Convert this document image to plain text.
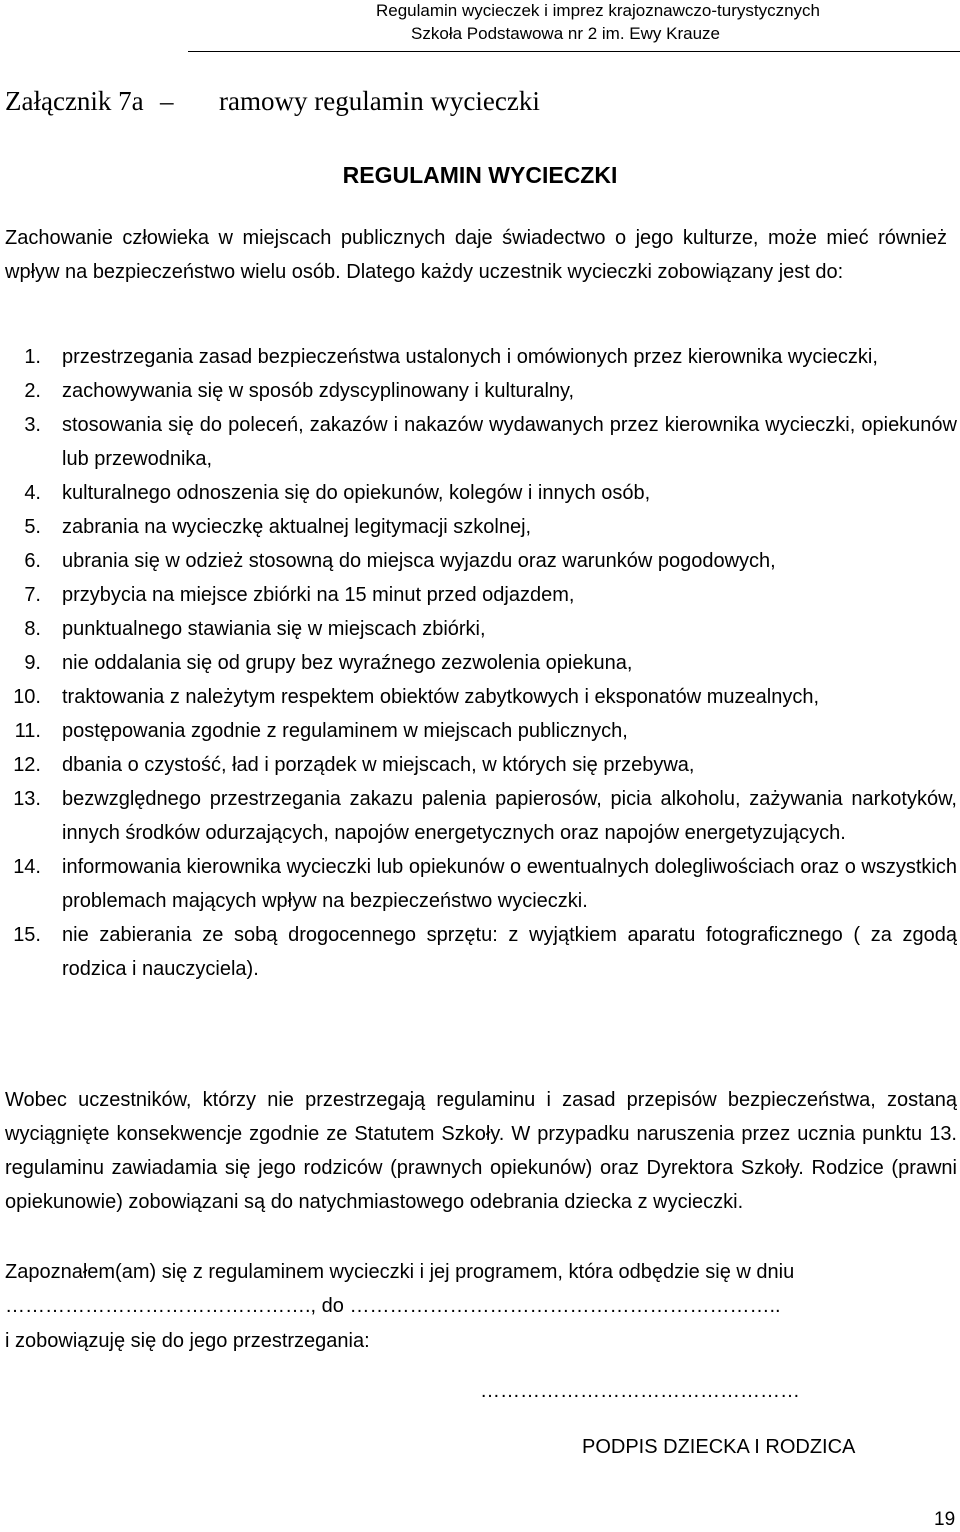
Regulamin wycieczek i imprez krajoznawczo-turystycznych
Szkoła Podstawowa nr 2 im. Ewy Krauze
Załącznik 7a – ramowy regulamin wycieczki
REGULAMIN WYCIECZKI
Zachowanie człowieka w miejscach publicznych daje świadectwo o jego kulturze, może mieć również wpływ na bezpieczeństwo wielu osób. Dlatego każdy uczestnik wycieczki zobowiązany jest do:
1. przestrzegania zasad bezpieczeństwa ustalonych i omówionych przez kierownika wycieczki,
2. zachowywania się w sposób zdyscyplinowany i kulturalny,
3. stosowania się do poleceń, zakazów i nakazów wydawanych przez kierownika wycieczki, opiekunów lub przewodnika,
4. kulturalnego odnoszenia się do opiekunów, kolegów i innych osób,
5. zabrania na wycieczkę aktualnej legitymacji szkolnej,
6. ubrania się w odzież stosowną do miejsca wyjazdu oraz warunków pogodowych,
7. przybycia na miejsce zbiórki na 15 minut przed odjazdem,
8. punktualnego stawiania się w miejscach zbiórki,
9. nie oddalania się od grupy bez wyraźnego zezwolenia opiekuna,
10. traktowania z należytym respektem obiektów zabytkowych i eksponatów muzealnych,
11. postępowania zgodnie z regulaminem w miejscach publicznych,
12. dbania o czystość, ład i porządek w miejscach, w których się przebywa,
13. bezwzględnego przestrzegania zakazu palenia papierosów, picia alkoholu, zażywania narkotyków, innych środków odurzających, napojów energetycznych oraz napojów energetyzujących.
14. informowania kierownika wycieczki lub opiekunów o ewentualnych dolegliwościach oraz o wszystkich problemach mających wpływ na bezpieczeństwo wycieczki.
15. nie zabierania ze sobą drogocennego sprzętu: z wyjątkiem aparatu fotograficznego ( za zgodą rodzica i nauczyciela).
Wobec uczestników, którzy nie przestrzegają regulaminu i zasad przepisów bezpieczeństwa, zostaną wyciągnięte konsekwencje zgodnie ze Statutem Szkoły. W przypadku naruszenia przez ucznia punktu 13. regulaminu zawiadamia się jego rodziców (prawnych opiekunów) oraz Dyrektora Szkoły. Rodzice (prawni opiekunowie) zobowiązani są do natychmiastowego odebrania dziecka z wycieczki.
Zapoznałem(am) się z regulaminem wycieczki i jej programem, która odbędzie się w dniu
………………………………………., do ………………………………………………………..
i zobowiązuję się do jego przestrzegania:
…………………………………………
PODPIS DZIECKA I RODZICA
19
